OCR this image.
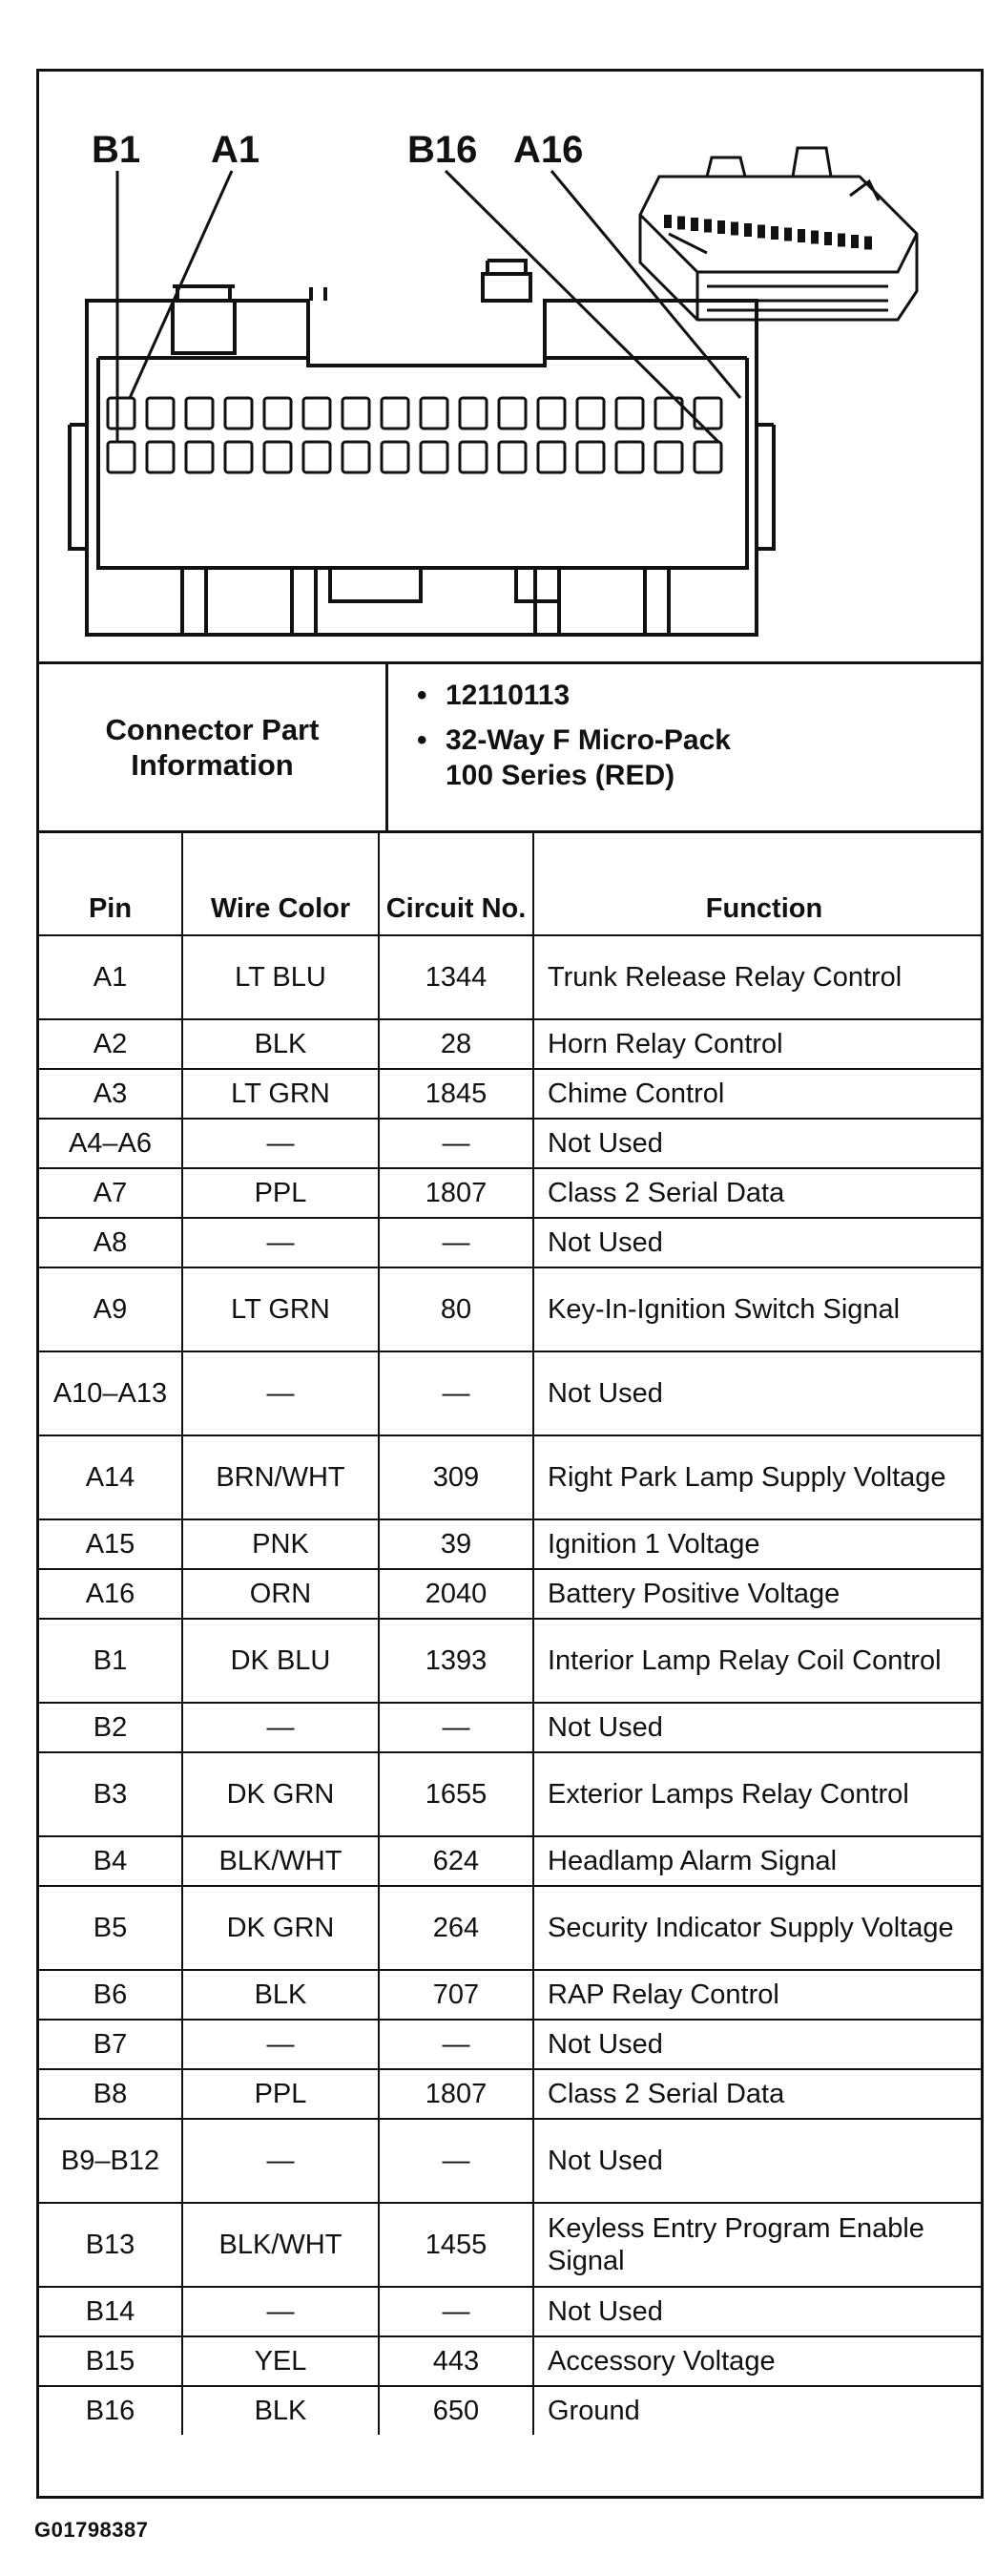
B1 A1	B16 A16
Connector Part Information
• 12110113
• 32-Way F Micro-Pack
100 Series (RED)
Pin	Wire Color	Circuit No.	Function
A1	LT BLU	1344	Trunk Release Relay Control
A2	BLK	28	Horn Relay Control
A3	LT GRN	1845	Chime Control
A4–A6	—	—	Not Used
A7	PPL	1807	Class 2 Serial Data
A8	—	—	Not Used
A9	LT GRN	80	Key-In-Ignition Switch Signal
A10–A13	—	—	Not Used
A14	BRN/WHT	309	Right Park Lamp Supply Voltage
A15	PNK	39	Ignition 1 Voltage
A16	ORN	2040	Battery Positive Voltage
B1	DK BLU	1393	Interior Lamp Relay Coil Control
B2	—	—	Not Used
B3	DK GRN	1655	Exterior Lamps Relay Control
B4	BLK/WHT	624	Headlamp Alarm Signal
B5	DK GRN	264	Security Indicator Supply Voltage
B6	BLK	707	RAP Relay Control
B7	—	—	Not Used
B8	PPL	1807	Class 2 Serial Data
B9–B12	—	—	Not Used
B13	BLK/WHT	1455	Keyless Entry Program Enable Signal
B14	—	—	Not Used
B15	YEL	443	Accessory Voltage
B16	BLK	650	Ground
G01798387
